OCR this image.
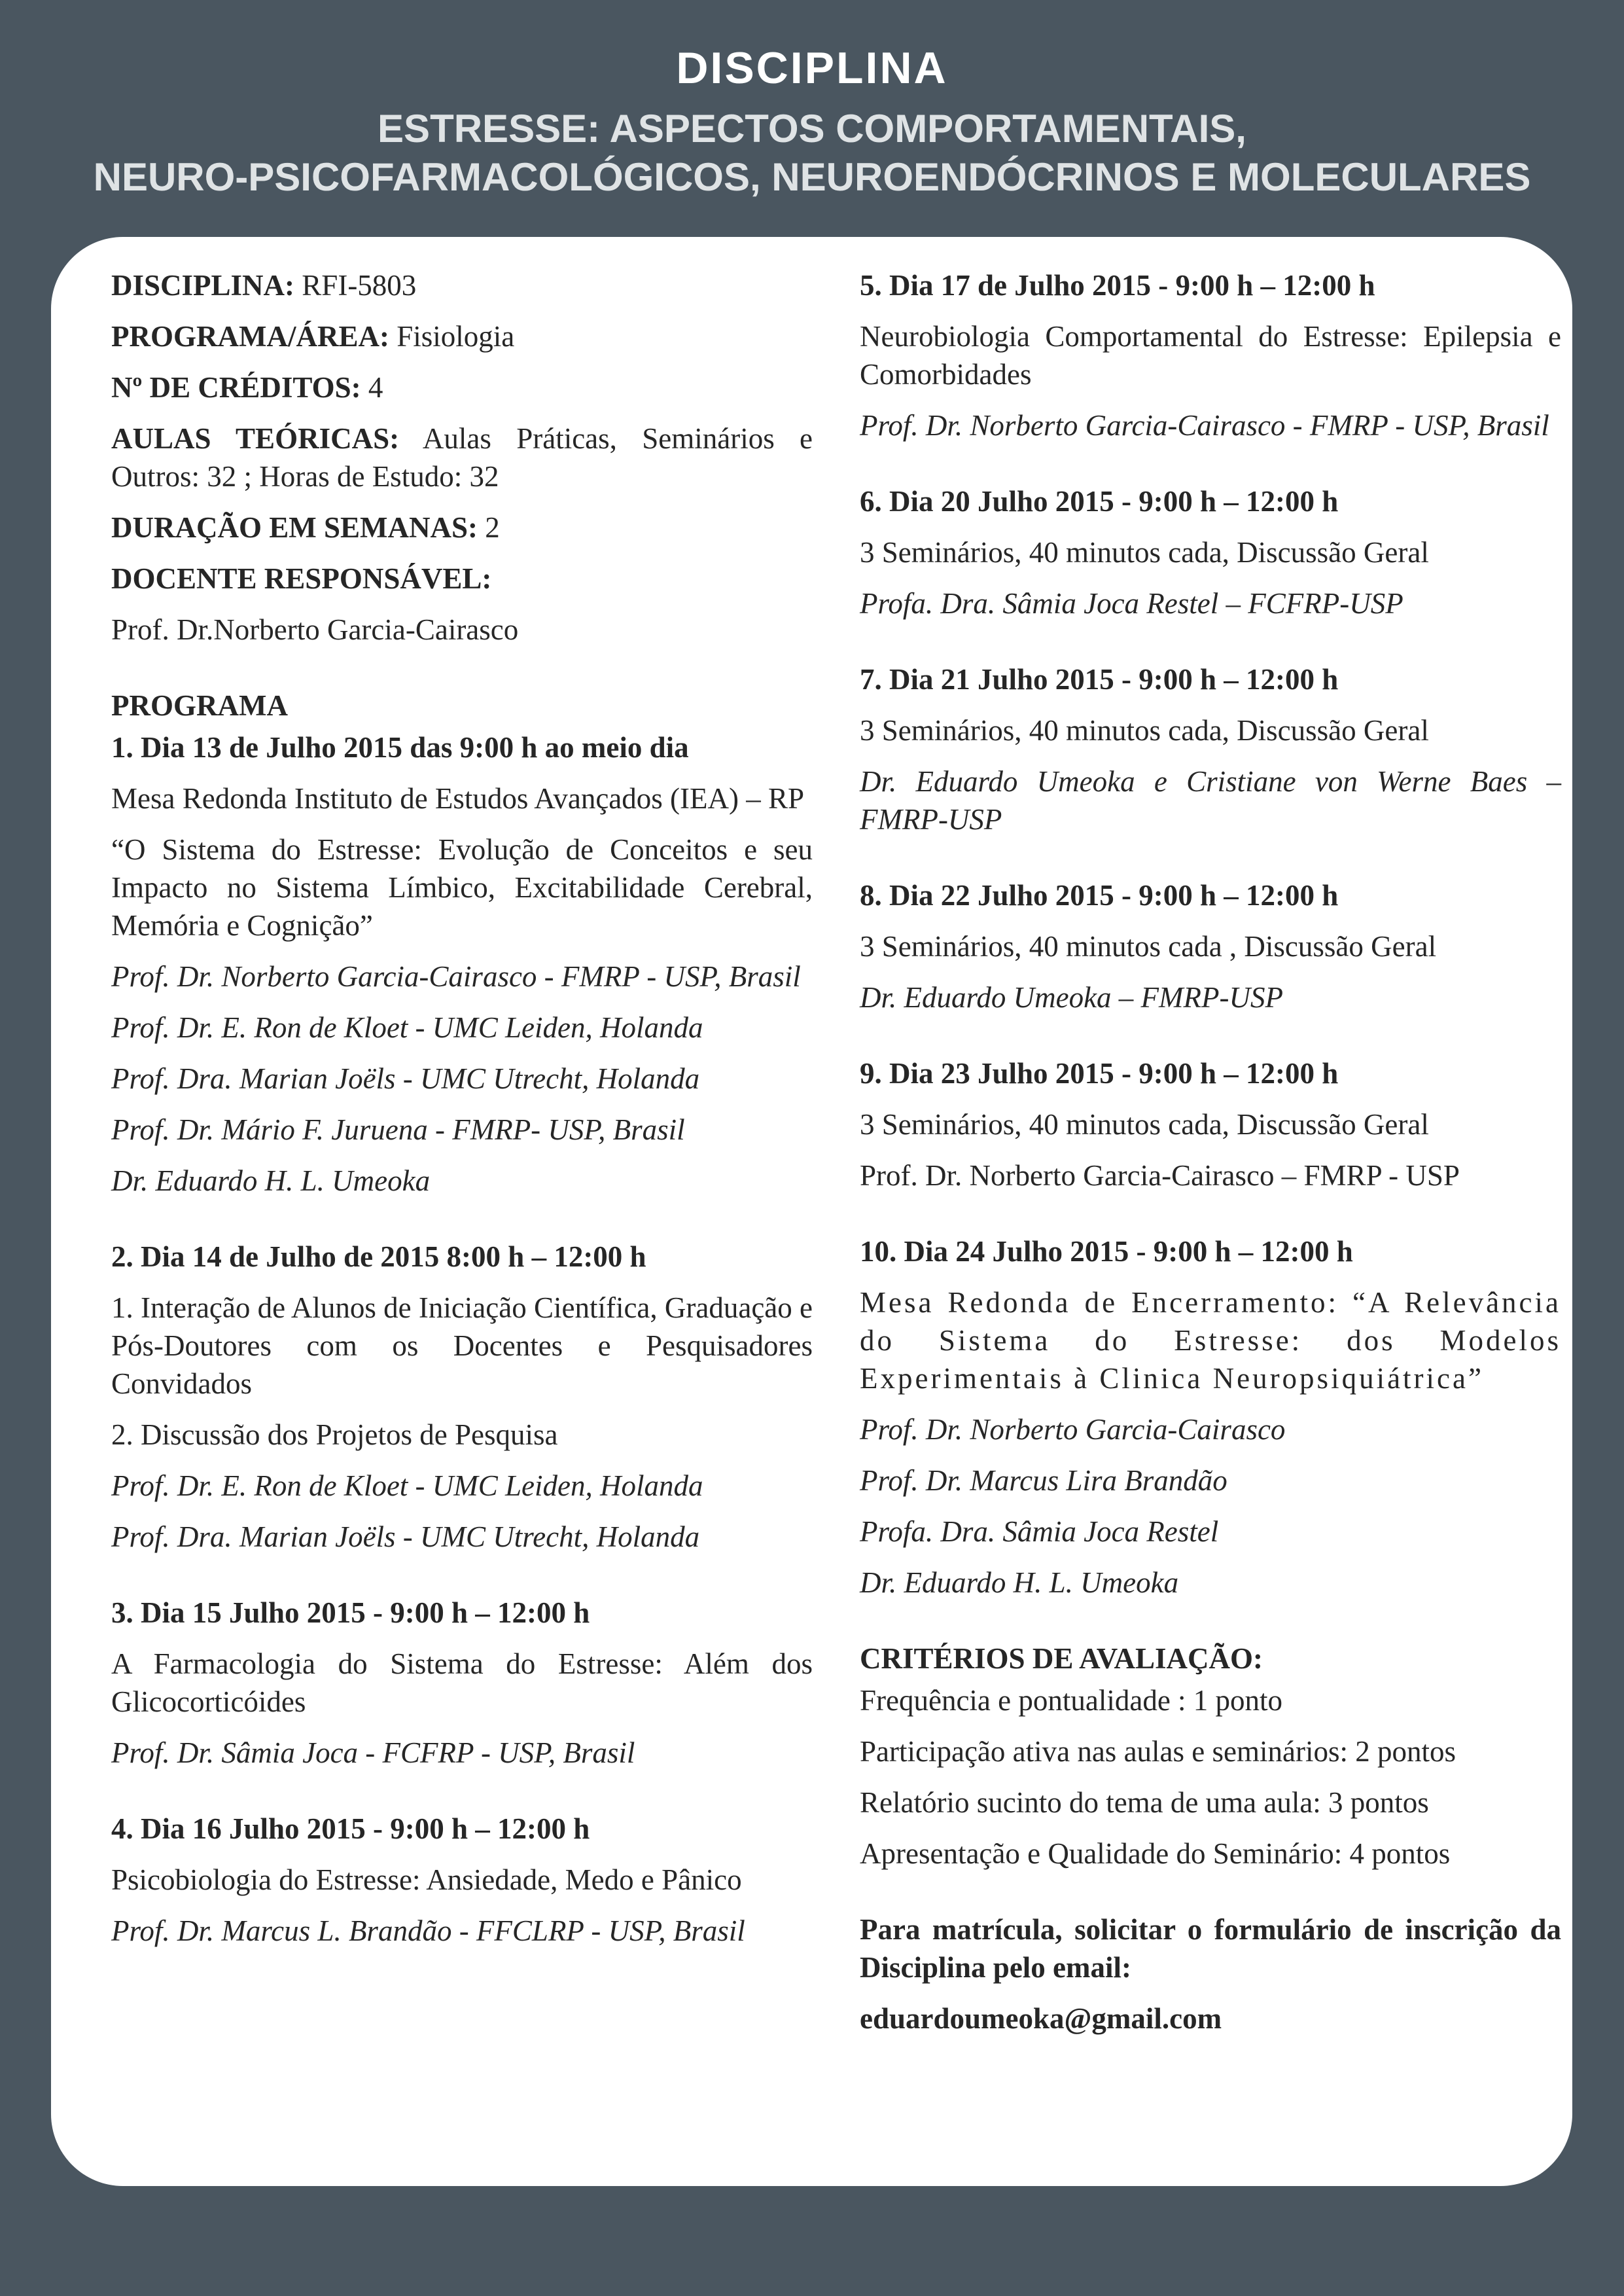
DISCIPLINA
ESTRESSE: ASPECTOS COMPORTAMENTAIS,
NEURO-PSICOFARMACOLÓGICOS, NEUROENDÓCRINOS E MOLECULARES

DISCIPLINA: RFI-5803

PROGRAMA/ÁREA: Fisiologia

Nº DE CRÉDITOS: 4

AULAS TEÓRICAS: Aulas Práticas, Seminários e Outros: 32 ; Horas de Estudo: 32

DURAÇÃO EM SEMANAS: 2

DOCENTE RESPONSÁVEL:

Prof. Dr.Norberto Garcia-Cairasco

PROGRAMA

1. Dia 13 de Julho 2015 das 9:00 h ao meio dia

Mesa Redonda Instituto de Estudos Avançados (IEA) – RP

“O Sistema do Estresse: Evolução de Conceitos e seu Impacto no Sistema Límbico, Excitabilidade Cerebral, Memória e Cognição”

Prof. Dr. Norberto Garcia-Cairasco - FMRP - USP, Brasil

Prof. Dr. E. Ron de Kloet - UMC Leiden, Holanda

Prof. Dra. Marian Joëls - UMC Utrecht, Holanda

Prof. Dr. Mário F. Juruena - FMRP- USP, Brasil

Dr. Eduardo H. L. Umeoka

2. Dia 14 de Julho de 2015 8:00 h – 12:00 h

1. Interação de Alunos de Iniciação Científica, Graduação e Pós-Doutores com os Docentes e Pesquisadores Convidados

2. Discussão dos Projetos de Pesquisa

Prof. Dr. E. Ron de Kloet - UMC Leiden, Holanda

Prof. Dra. Marian Joëls - UMC Utrecht, Holanda

3. Dia 15 Julho 2015 - 9:00 h – 12:00 h

A Farmacologia do Sistema do Estresse: Além dos Glicocorticóides

Prof. Dr. Sâmia Joca - FCFRP - USP, Brasil

4. Dia 16 Julho 2015 - 9:00 h – 12:00 h

Psicobiologia do Estresse: Ansiedade, Medo e Pânico

Prof. Dr. Marcus L. Brandão - FFCLRP - USP, Brasil

5. Dia 17 de Julho 2015 - 9:00 h – 12:00 h

Neurobiologia Comportamental do Estresse: Epilepsia e Comorbidades

Prof. Dr. Norberto Garcia-Cairasco - FMRP - USP, Brasil

6. Dia 20 Julho 2015 - 9:00 h – 12:00 h

3 Seminários, 40 minutos cada, Discussão Geral

Profa. Dra. Sâmia Joca Restel – FCFRP-USP

7. Dia 21 Julho 2015 - 9:00 h – 12:00 h

3 Seminários, 40 minutos cada, Discussão Geral

Dr. Eduardo Umeoka e Cristiane von Werne Baes – FMRP-USP

8. Dia 22 Julho 2015 - 9:00 h – 12:00 h

3 Seminários, 40 minutos cada , Discussão Geral

Dr. Eduardo Umeoka – FMRP-USP

9. Dia 23 Julho 2015 - 9:00 h – 12:00 h

3 Seminários, 40 minutos cada, Discussão Geral

Prof. Dr. Norberto Garcia-Cairasco – FMRP - USP

10. Dia 24 Julho 2015 - 9:00 h – 12:00 h

Mesa Redonda de Encerramento: “A Relevância do Sistema do Estresse: dos Modelos Experimentais à Clinica Neuropsiquiátrica”

Prof. Dr. Norberto Garcia-Cairasco

Prof. Dr. Marcus Lira Brandão

Profa. Dra. Sâmia Joca Restel

Dr. Eduardo H. L. Umeoka

CRITÉRIOS DE AVALIAÇÃO:

Frequência e pontualidade : 1 ponto

Participação ativa nas aulas e seminários: 2 pontos

Relatório sucinto do tema de uma aula: 3 pontos

Apresentação e Qualidade do Seminário: 4 pontos

Para matrícula, solicitar o formulário de inscrição da Disciplina pelo email:

eduardoumeoka@gmail.com
